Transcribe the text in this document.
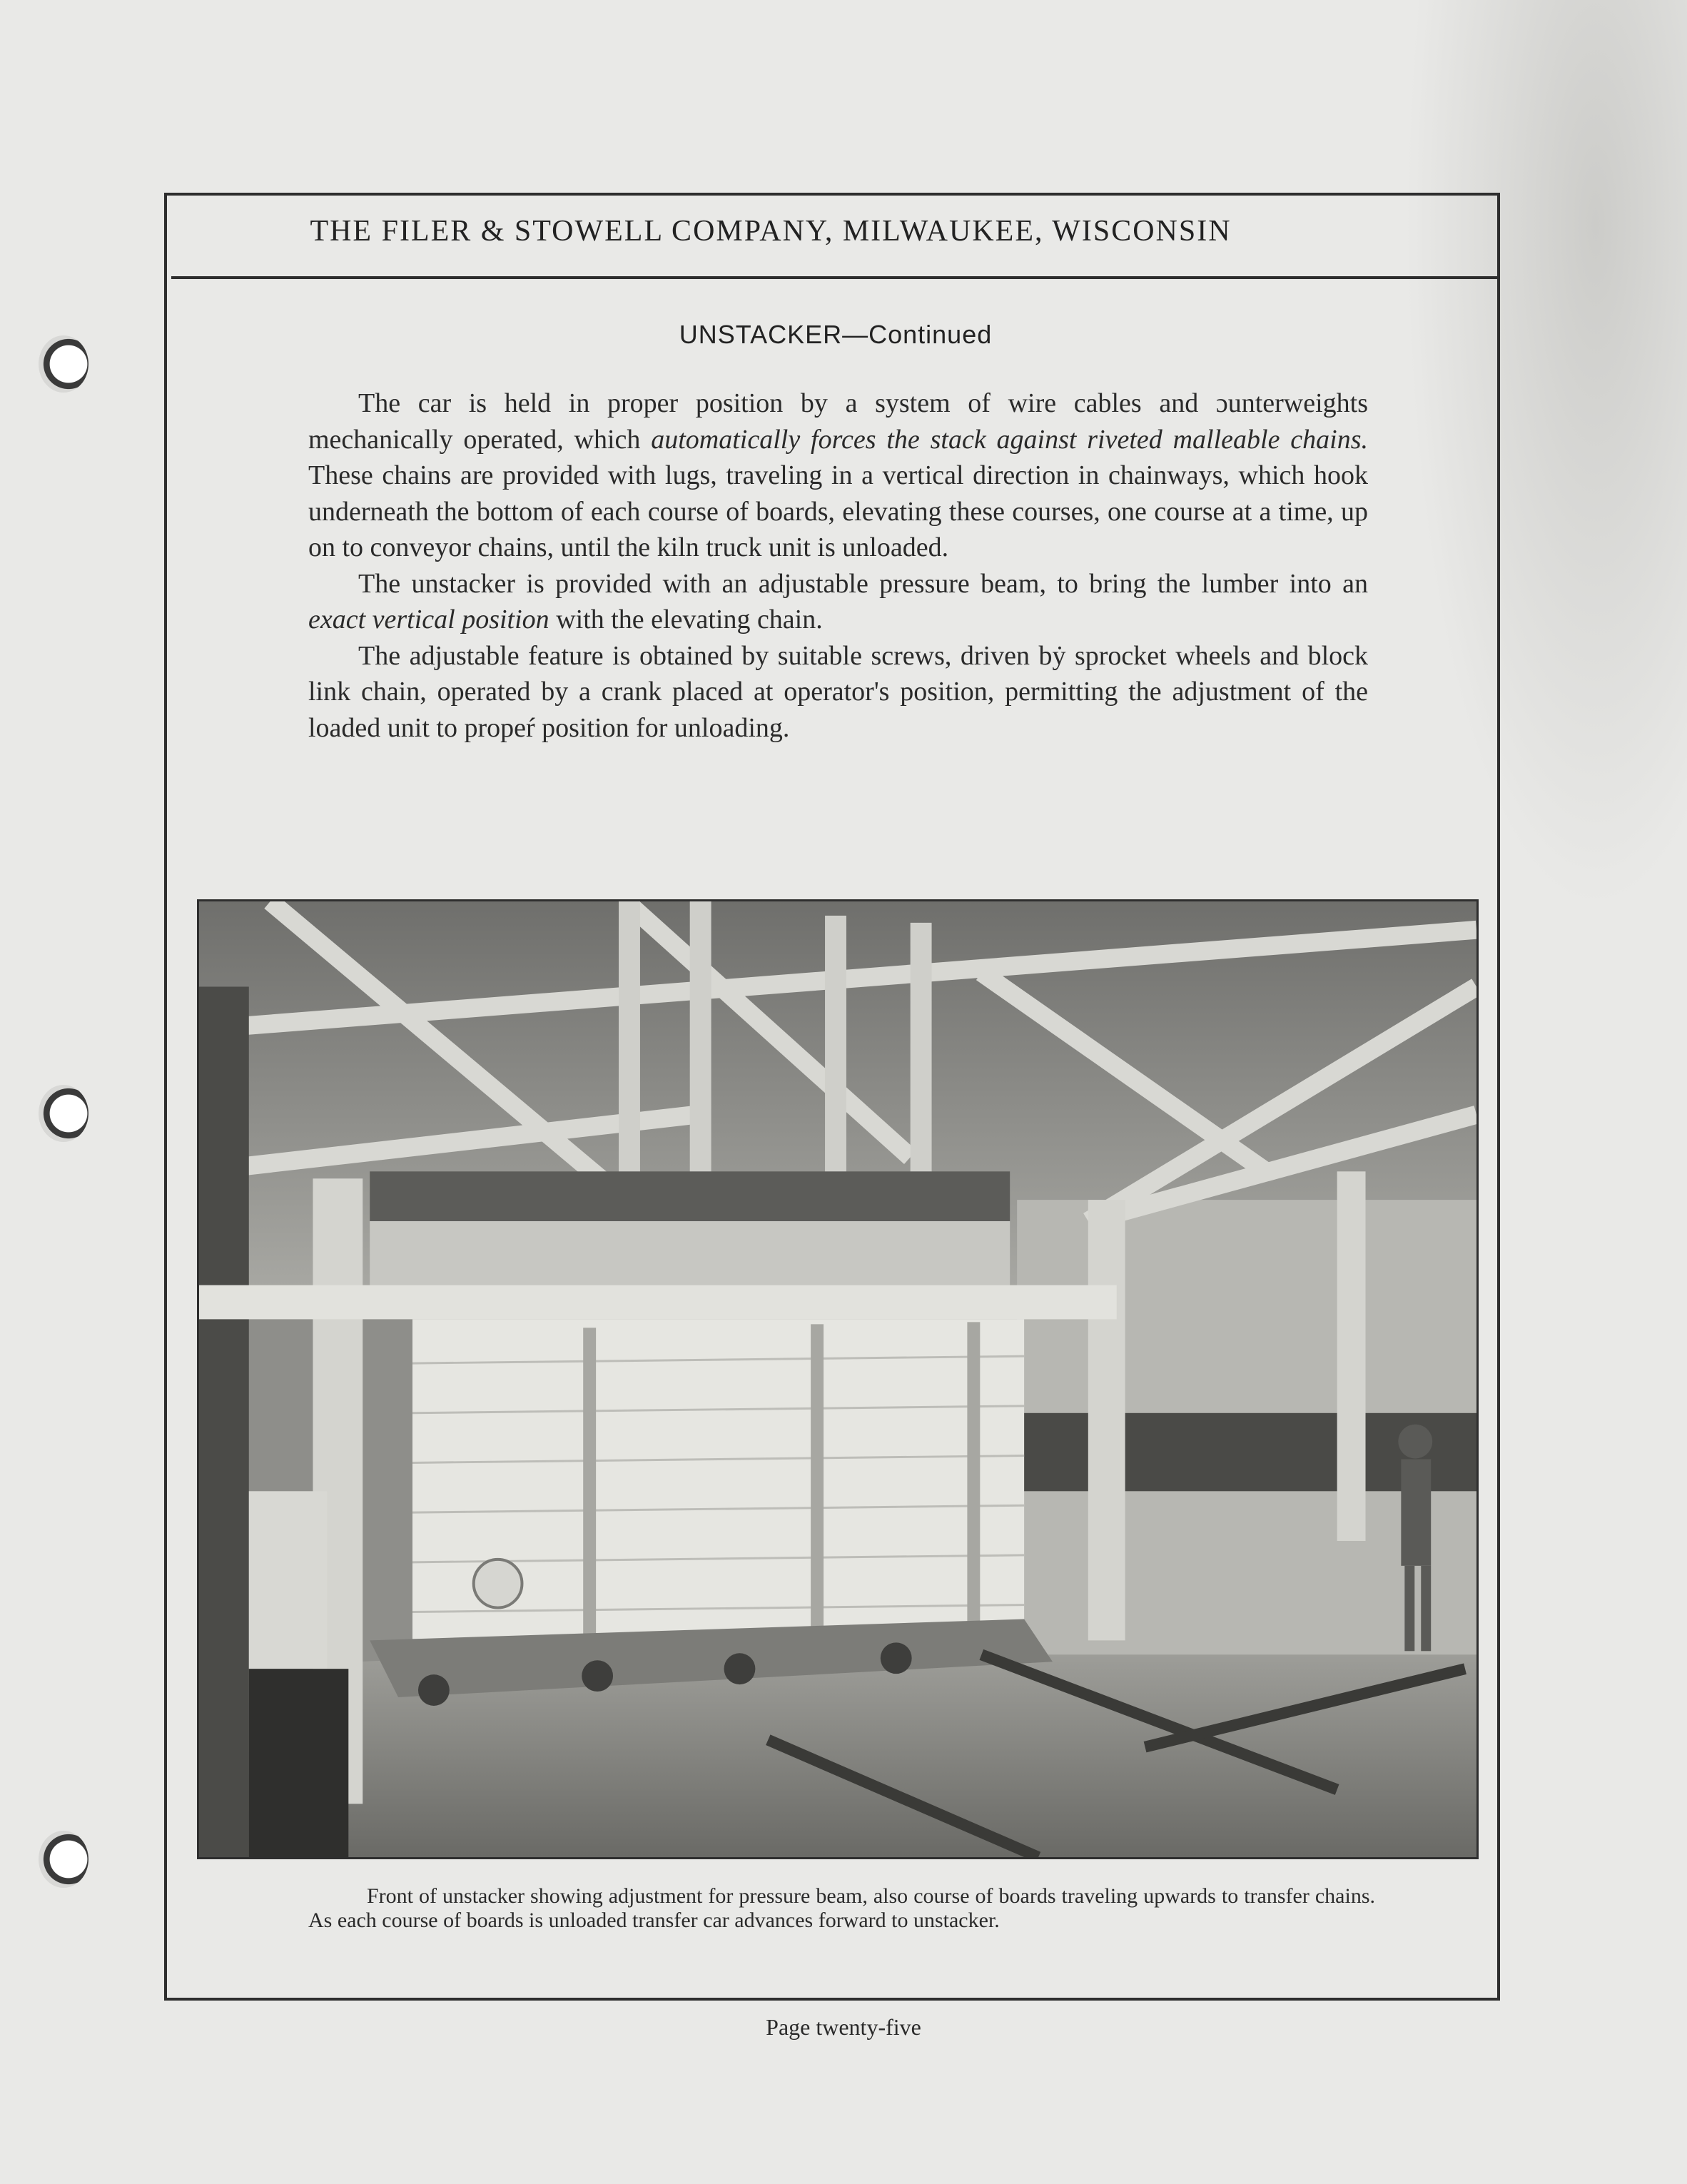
THE FILER & STOWELL COMPANY, MILWAUKEE, WISCONSIN
UNSTACKER—Continued

The car is held in proper position by a system of wire cables and ɔunterweights mechanically operated, which automatically forces the stack against riveted malleable chains. These chains are provided with lugs, traveling in a vertical direction in chainways, which hook underneath the bottom of each course of boards, elevating these courses, one course at a time, up on to conveyor chains, until the kiln truck unit is unloaded.

The unstacker is provided with an adjustable pressure beam, to bring the lumber into an exact vertical position with the elevating chain.

The adjustable feature is obtained by suitable screws, driven bẏ sprocket wheels and block link chain, operated by a crank placed at operator's position, permitting the adjustment of the loaded unit to propeŕ position for unloading.

Front of unstacker showing adjustment for pressure beam, also course of boards traveling upwards to transfer chains. As each course of boards is unloaded transfer car advances forward to unstacker.
Page twenty-five
